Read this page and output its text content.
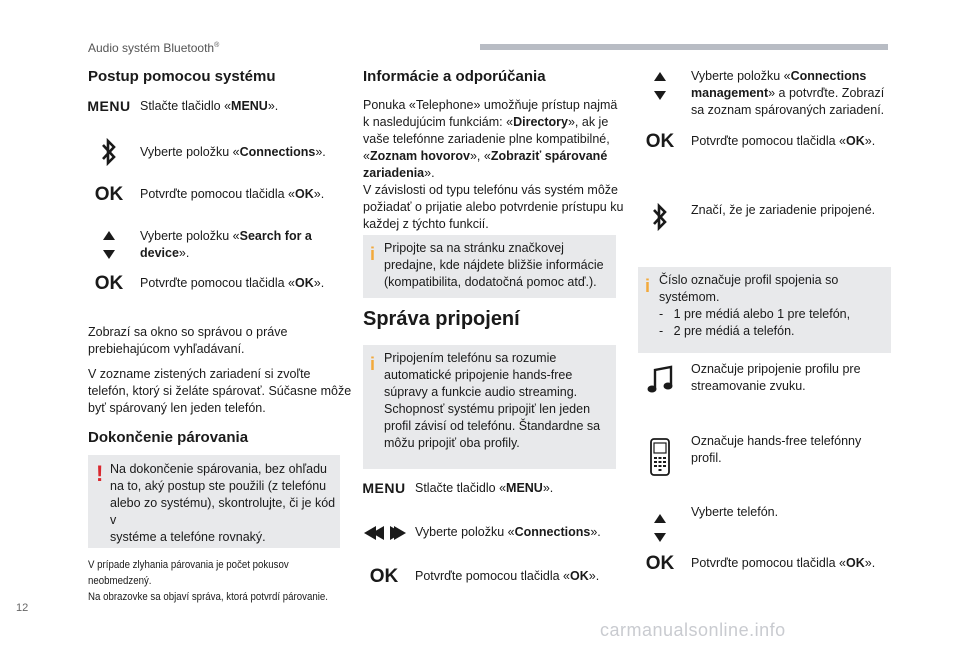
Audio systém Bluetooth®
12
carmanualsonline.info
Postup pomocou systému
MENU Stlačte tlačidlo «MENU».
Vyberte položku «Connections».
OK Potvrďte pomocou tlačidla «OK».
Vyberte položku «Search for a device».
OK Potvrďte pomocou tlačidla «OK».
Zobrazí sa okno so správou o práve
prebiehajúcom vyhľadávaní.
V zozname zistených zariadení si zvoľte
telefón, ktorý si želáte spárovať. Súčasne môže
byť spárovaný len jeden telefón.
Dokončenie párovania
! Na dokončenie spárovania, bez ohľadu
na to, aký postup ste použili (z telefónu
alebo zo systému), skontrolujte, či je kód v
systéme a telefóne rovnaký.
V prípade zlyhania párovania je počet pokusov
neobmedzený.
Na obrazovke sa objaví správa, ktorá potvrdí párovanie.
Informácie a odporúčania
Ponuka «Telephone» umožňuje prístup najmä
k nasledujúcim funkciám: «Directory», ak je
vaše telefónne zariadenie plne kompatibilné,
«Zoznam hovorov», «Zobraziť spárované
zariadenia».
V závislosti od typu telefónu vás systém môže
požiadať o prijatie alebo potvrdenie prístupu ku
každej z týchto funkcií.
i Pripojte sa na stránku značkovej
predajne, kde nájdete bližšie informácie
(kompatibilita, dodatočná pomoc atď.).
Správa pripojení
i Pripojením telefónu sa rozumie
automatické pripojenie hands-free
súpravy a funkcie audio streaming.
Schopnosť systému pripojiť len jeden
profil závisí od telefónu. Štandardne sa
môžu pripojiť oba profily.
MENU Stlačte tlačidlo «MENU».
Vyberte položku «Connections».
OK Potvrďte pomocou tlačidla «OK».
Vyberte položku «Connections
management» a potvrďte. Zobrazí
sa zoznam spárovaných zariadení.
OK Potvrďte pomocou tlačidla «OK».
Značí, že je zariadenie pripojené.
i Číslo označuje profil spojenia so
systémom.
-   1 pre médiá alebo 1 pre telefón,
-   2 pre médiá a telefón.
Označuje pripojenie profilu pre
streamovanie zvuku.
Označuje hands-free telefónny
profil.
Vyberte telefón.
OK Potvrďte pomocou tlačidla «OK».
